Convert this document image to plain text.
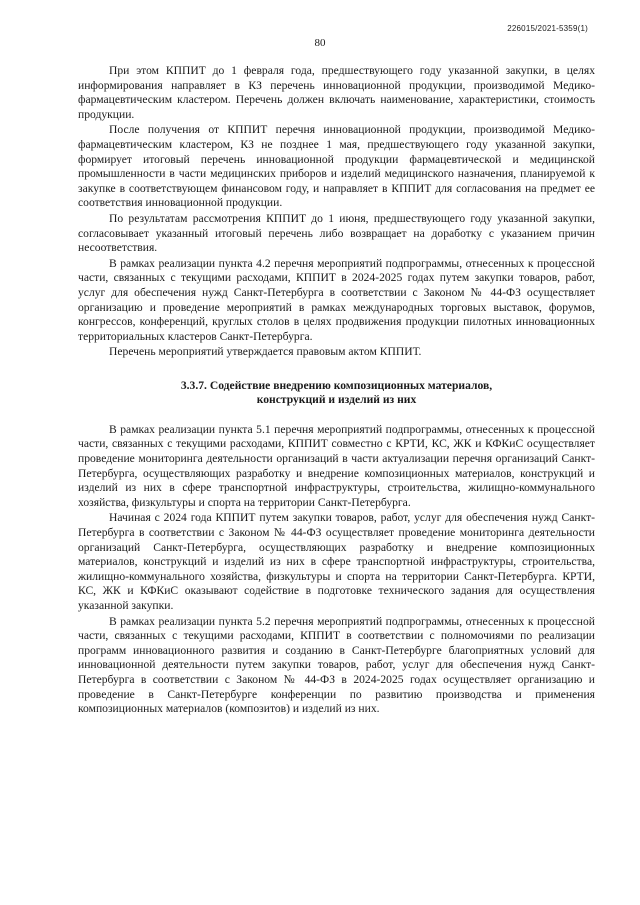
226015/2021-5359(1)
80

При этом КППИТ до 1 февраля года, предшествующего году указанной закупки, в целях информирования направляет в КЗ перечень инновационной продукции, производимой Медико-фармацевтическим кластером. Перечень должен включать наименование, характеристики, стоимость продукции.

После получения от КППИТ перечня инновационной продукции, производимой Медико-фармацевтическим кластером, КЗ не позднее 1 мая, предшествующего году указанной закупки, формирует итоговый перечень инновационной продукции фармацевтической и медицинской промышленности в части медицинских приборов и изделий медицинского назначения, планируемой к закупке в соответствующем финансовом году, и направляет в КППИТ для согласования на предмет ее соответствия инновационной продукции.

По результатам рассмотрения КППИТ до 1 июня, предшествующего году указанной закупки, согласовывает указанный итоговый перечень либо возвращает на доработку с указанием причин несоответствия.

В рамках реализации пункта 4.2 перечня мероприятий подпрограммы, отнесенных к процессной части, связанных с текущими расходами, КППИТ в 2024-2025 годах путем закупки товаров, работ, услуг для обеспечения нужд Санкт-Петербурга в соответствии с Законом № 44-ФЗ осуществляет организацию и проведение мероприятий в рамках международных торговых выставок, форумов, конгрессов, конференций, круглых столов в целях продвижения продукции пилотных инновационных территориальных кластеров Санкт-Петербурга.

Перечень мероприятий утверждается правовым актом КППИТ.

3.3.7. Содействие внедрению композиционных материалов,
конструкций и изделий из них

В рамках реализации пункта 5.1 перечня мероприятий подпрограммы, отнесенных к процессной части, связанных с текущими расходами, КППИТ совместно с КРТИ, КС, ЖК и КФКиС осуществляет проведение мониторинга деятельности организаций в части актуализации перечня организаций Санкт-Петербурга, осуществляющих разработку и внедрение композиционных материалов, конструкций и изделий из них в сфере транспортной инфраструктуры, строительства, жилищно-коммунального хозяйства, физкультуры и спорта на территории Санкт-Петербурга.

Начиная с 2024 года КППИТ путем закупки товаров, работ, услуг для обеспечения нужд Санкт-Петербурга в соответствии с Законом № 44-ФЗ осуществляет проведение мониторинга деятельности организаций Санкт-Петербурга, осуществляющих разработку и внедрение композиционных материалов, конструкций и изделий из них в сфере транспортной инфраструктуры, строительства, жилищно-коммунального хозяйства, физкультуры и спорта на территории Санкт-Петербурга. КРТИ, КС, ЖК и КФКиС оказывают содействие в подготовке технического задания для осуществления указанной закупки.

В рамках реализации пункта 5.2 перечня мероприятий подпрограммы, отнесенных к процессной части, связанных с текущими расходами, КППИТ в соответствии с полномочиями по реализации программ инновационного развития и созданию в Санкт-Петербурге благоприятных условий для инновационной деятельности путем закупки товаров, работ, услуг для обеспечения нужд Санкт-Петербурга в соответствии с Законом № 44-ФЗ в 2024-2025 годах осуществляет организацию и проведение в Санкт-Петербурге конференции по развитию производства и применения композиционных материалов (композитов) и изделий из них.
